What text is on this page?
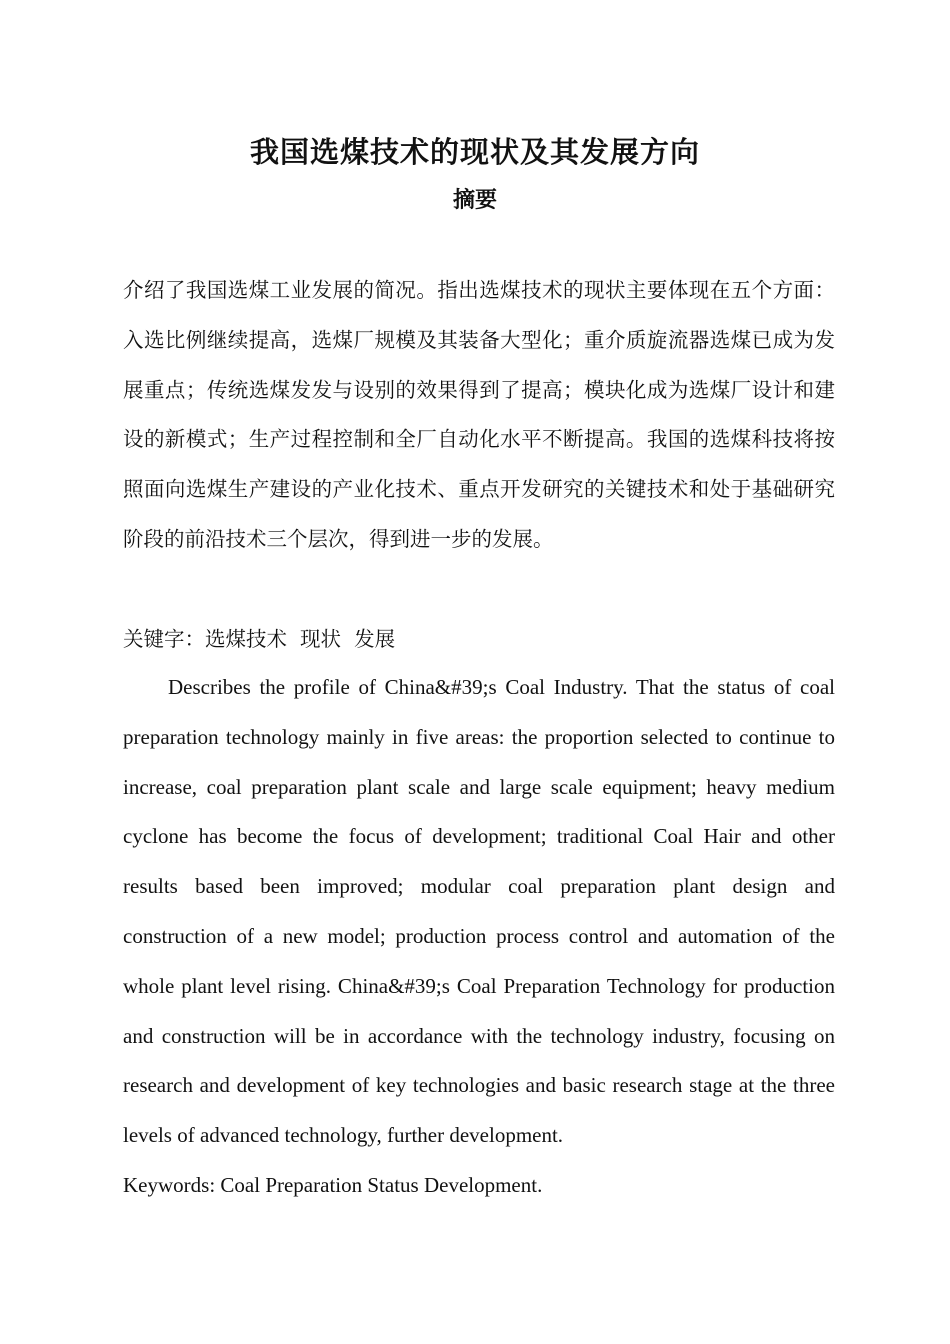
我国选煤技术的现状及其发展方向
摘要

介绍了我国选煤工业发展的简况。指出选煤技术的现状主要体现在五个方面：入选比例继续提高，选煤厂规模及其装备大型化；重介质旋流器选煤已成为发展重点；传统选煤发发与设别的效果得到了提高；模块化成为选煤厂设计和建设的新模式；生产过程控制和全厂自动化水平不断提高。我国的选煤科技将按照面向选煤生产建设的产业化技术、重点开发研究的关键技术和处于基础研究阶段的前沿技术三个层次，得到进一步的发展。

关键字：选煤技术  现状  发展

Describes the profile of China&#39;s Coal Industry. That the status of coal preparation technology mainly in five areas: the proportion selected to continue to increase, coal preparation plant scale and large scale equipment; heavy medium cyclone has become the focus of development; traditional Coal Hair and other results based been improved; modular coal preparation plant design and construction of a new model; production process control and automation of the whole plant level rising. China&#39;s Coal Preparation Technology for production and construction will be in accordance with the technology industry, focusing on research and development of key technologies and basic research stage at the three levels of advanced technology, further development.

Keywords: Coal Preparation Status Development.
